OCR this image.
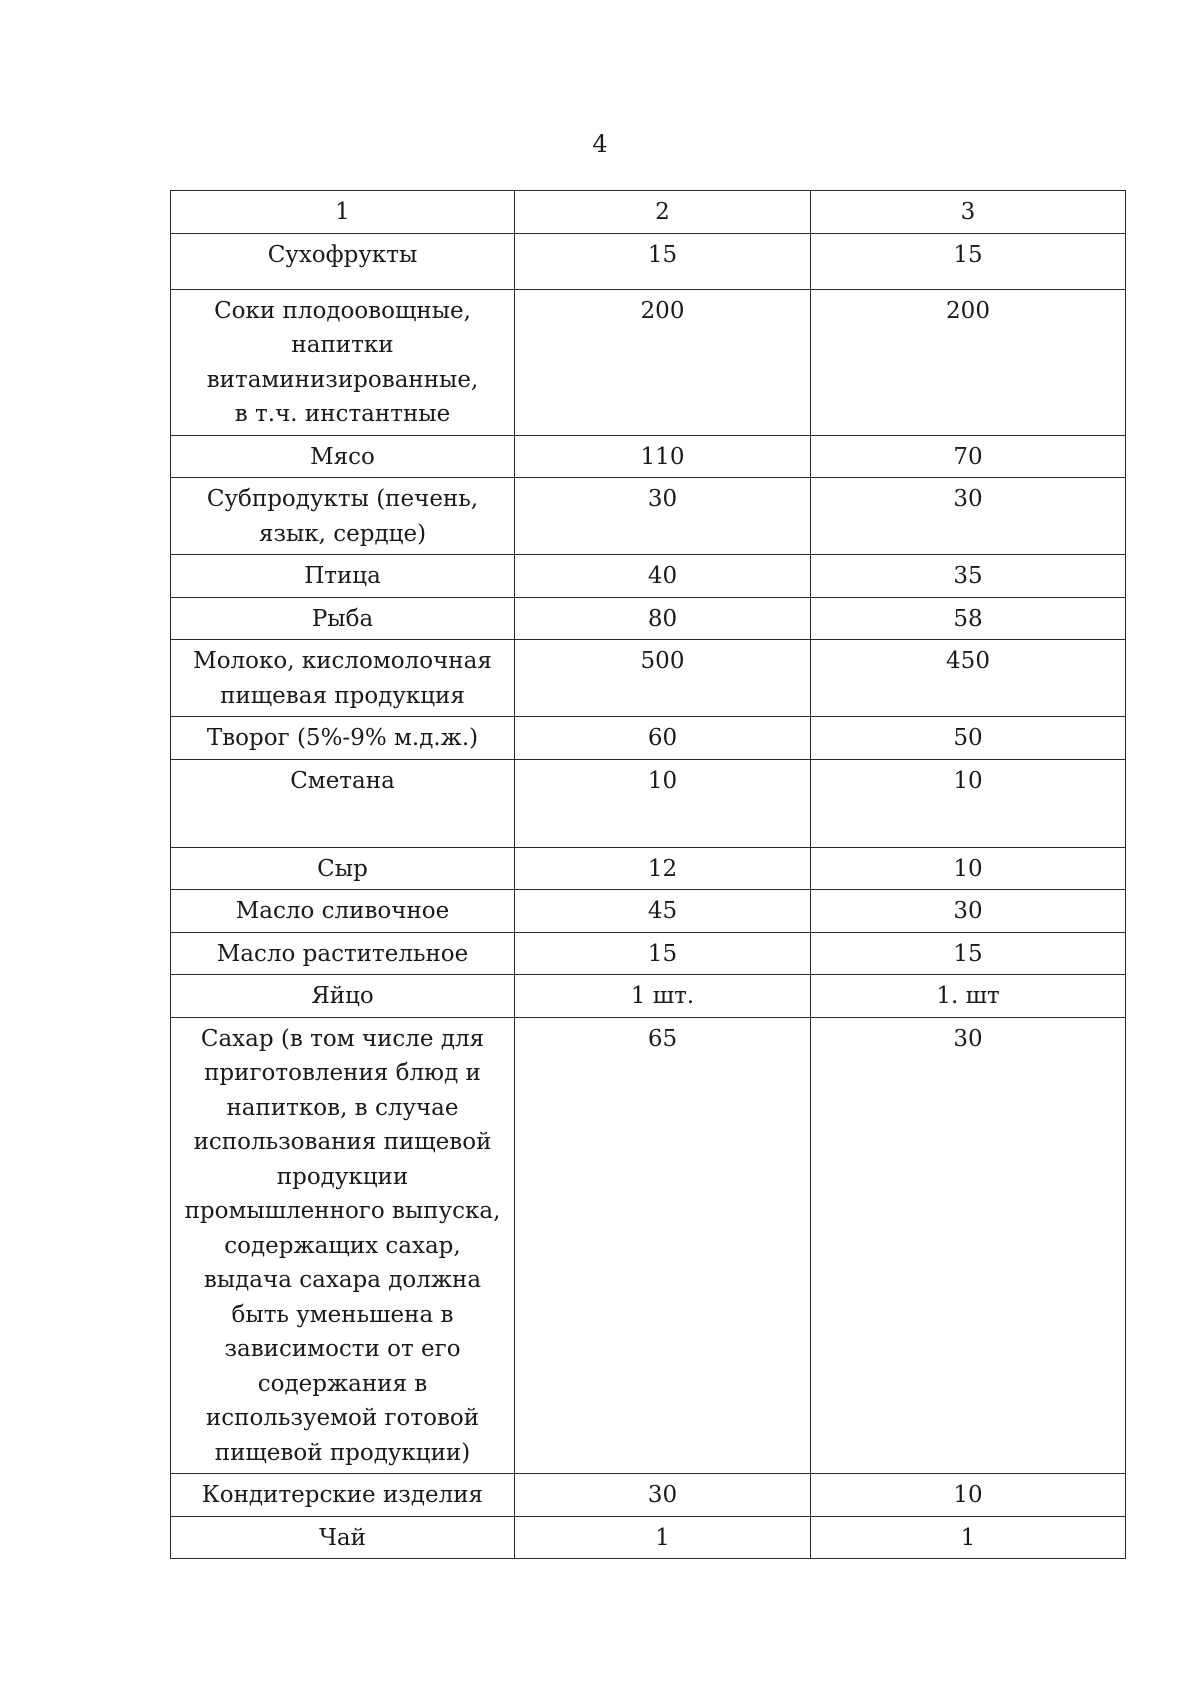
4
1	2	3
Сухофрукты	15	15
Соки плодоовощные, напитки витаминизированные, в т.ч. инстантные	200	200
Мясо	110	70
Субпродукты (печень, язык, сердце)	30	30
Птица	40	35
Рыба	80	58
Молоко, кисломолочная пищевая продукция	500	450
Творог (5%-9% м.д.ж.)	60	50
Сметана	10	10
Сыр	12	10
Масло сливочное	45	30
Масло растительное	15	15
Яйцо	1 шт.	1. шт
Сахар (в том числе для приготовления блюд и напитков, в случае использования пищевой продукции промышленного выпуска, содержащих сахар, выдача сахара должна быть уменьшена в зависимости от его содержания в используемой готовой пищевой продукции)	65	30
Кондитерские изделия	30	10
Чай	1	1
